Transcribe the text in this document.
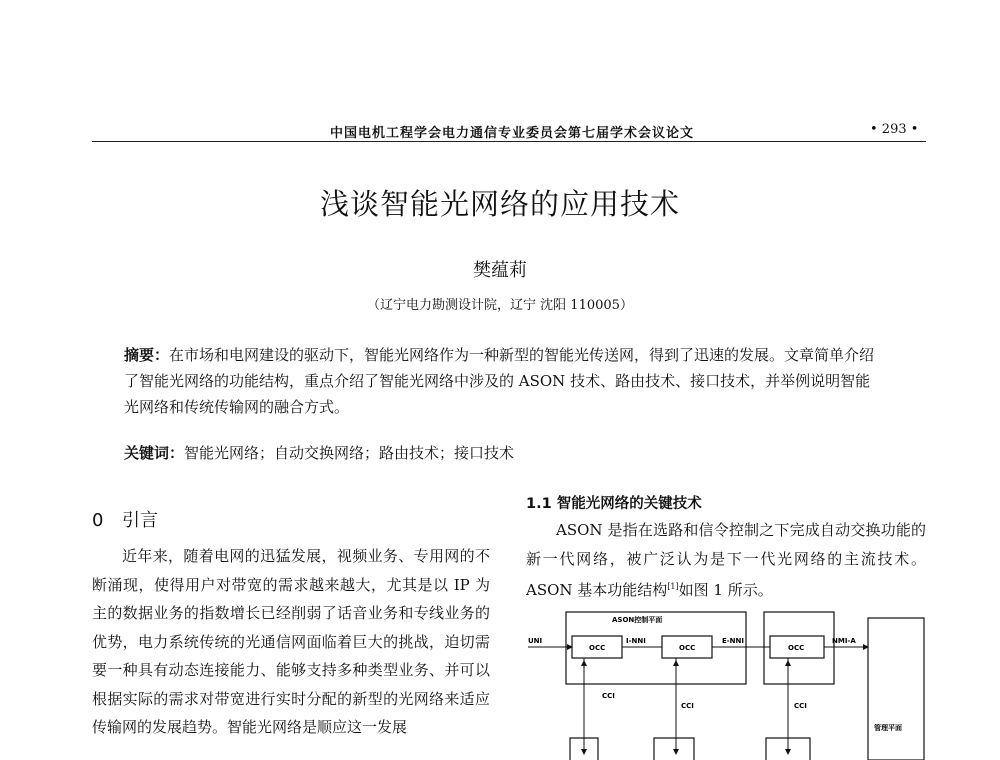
中国电机工程学会电力通信专业委员会第七届学术会议论文	• 293 •
浅谈智能光网络的应用技术
樊蕴莉
（辽宁电力勘测设计院，辽宁 沈阳 110005）
摘要：在市场和电网建设的驱动下，智能光网络作为一种新型的智能光传送网，得到了迅速的发展。文章简单介绍了智能光网络的功能结构，重点介绍了智能光网络中涉及的 ASON 技术、路由技术、接口技术，并举例说明智能光网络和传统传输网的融合方式。
关键词：智能光网络；自动交换网络；路由技术；接口技术
0 引言

近年来，随着电网的迅猛发展，视频业务、专用网的不断涌现，使得用户对带宽的需求越来越大，尤其是以 IP 为主的数据业务的指数增长已经削弱了话音业务和专线业务的优势，电力系统传统的光通信网面临着巨大的挑战，迫切需要一种具有动态连接能力、能够支持多种类型业务、并可以根据实际的需求对带宽进行实时分配的新型的光网络来适应传输网的发展趋势。智能光网络是顺应这一发展

1.1 智能光网络的关键技术

ASON 是指在选路和信令控制之下完成自动交换功能的新一代网络，被广泛认为是下一代光网络的主流技术。ASON 基本功能结构[1]如图 1 所示。

ASON控制平面
OCC	OCC	OCC
管理平面
UNI	I-NNI	E-NNI	NMI-A
CCI
CCI	CCI
